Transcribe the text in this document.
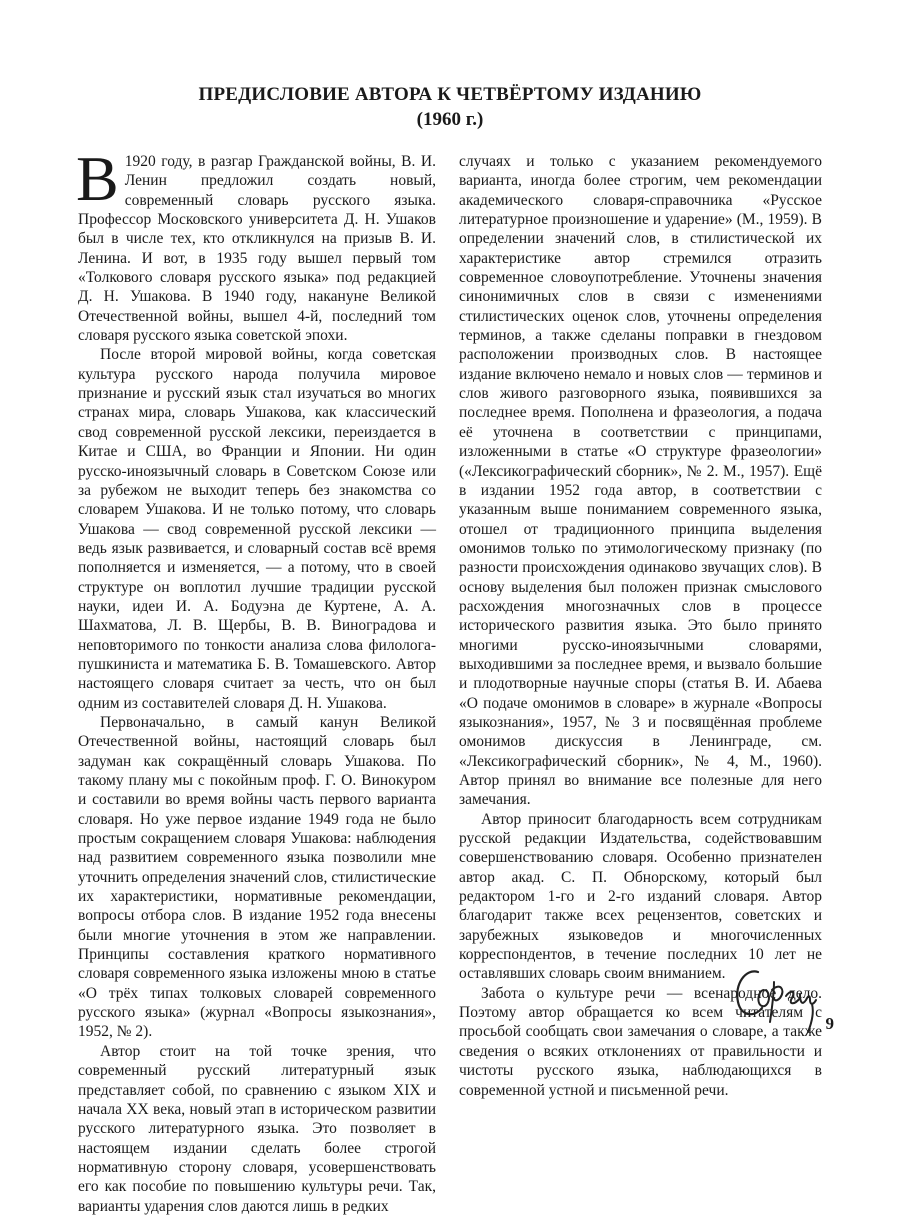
ПРЕДИСЛОВИЕ АВТОРА К ЧЕТВЁРТОМУ ИЗДАНИЮ
(1960 г.)

В 1920 году, в разгар Гражданской войны, В. И. Ленин предложил создать новый, современный словарь русского языка. Профессор Московского университета Д. Н. Ушаков был в числе тех, кто откликнулся на призыв В. И. Ленина. И вот, в 1935 году вышел первый том «Толкового словаря русского языка» под редакцией Д. Н. Ушакова. В 1940 году, накануне Великой Отечественной войны, вышел 4-й, последний том словаря русского языка советской эпохи.

После второй мировой войны, когда советская культура русского народа получила мировое признание и русский язык стал изучаться во многих странах мира, словарь Ушакова, как классический свод современной русской лексики, переиздается в Китае и США, во Франции и Японии. Ни один русско-иноязычный словарь в Советском Союзе или за рубежом не выходит теперь без знакомства со словарем Ушакова. И не только потому, что словарь Ушакова — свод современной русской лексики — ведь язык развивается, и словарный состав всё время пополняется и изменяется, — а потому, что в своей структуре он воплотил лучшие традиции русской науки, идеи И. А. Бодуэна де Куртене, А. А. Шахматова, Л. В. Щербы, В. В. Виноградова и неповторимого по тонкости анализа слова филолога-пушкиниста и математика Б. В. Томашевского. Автор настоящего словаря считает за честь, что он был одним из составителей словаря Д. Н. Ушакова.

Первоначально, в самый канун Великой Отечественной войны, настоящий словарь был задуман как сокращённый словарь Ушакова. По такому плану мы с покойным проф. Г. О. Винокуром и составили во время войны часть первого варианта словаря. Но уже первое издание 1949 года не было простым сокращением словаря Ушакова: наблюдения над развитием современного языка позволили мне уточнить определения значений слов, стилистические их характеристики, нормативные рекомендации, вопросы отбора слов. В издание 1952 года внесены были многие уточнения в этом же направлении. Принципы составления краткого нормативного словаря современного языка изложены мною в статье «О трёх типах толковых словарей современного русского языка» (журнал «Вопросы языкознания», 1952, № 2).

Автор стоит на той точке зрения, что современный русский литературный язык представляет собой, по сравнению с языком XIX и начала XX века, новый этап в историческом развитии русского литературного языка. Это позволяет в настоящем издании сделать более строгой нормативную сторону словаря, усовершенствовать его как пособие по повышению культуры речи. Так, варианты ударения слов даются лишь в редких

случаях и только с указанием рекомендуемого варианта, иногда более строгим, чем рекомендации академического словаря-справочника «Русское литературное произношение и ударение» (М., 1959). В определении значений слов, в стилистической их характеристике автор стремился отразить современное словоупотребление. Уточнены значения синонимичных слов в связи с изменениями стилистических оценок слов, уточнены определения терминов, а также сделаны поправки в гнездовом расположении производных слов. В настоящее издание включено немало и новых слов — терминов и слов живого разговорного языка, появившихся за последнее время. Пополнена и фразеология, а подача её уточнена в соответствии с принципами, изложенными в статье «О структуре фразеологии» («Лексикографический сборник», № 2. М., 1957). Ещё в издании 1952 года автор, в соответствии с указанным выше пониманием современного языка, отошел от традиционного принципа выделения омонимов только по этимологическому признаку (по разности происхождения одинаково звучащих слов). В основу выделения был положен признак смыслового расхождения многозначных слов в процессе исторического развития языка. Это было принято многими русско-иноязычными словарями, выходившими за последнее время, и вызвало большие и плодотворные научные споры (статья В. И. Абаева «О подаче омонимов в словаре» в журнале «Вопросы языкознания», 1957, № 3 и посвящённая проблеме омонимов дискуссия в Ленинграде, см. «Лексикографический сборник», № 4, М., 1960). Автор принял во внимание все полезные для него замечания.

Автор приносит благодарность всем сотрудникам русской редакции Издательства, содействовавшим совершенствованию словаря. Особенно признателен автор акад. С. П. Обнорскому, который был редактором 1-го и 2-го изданий словаря. Автор благодарит также всех рецензентов, советских и зарубежных языковедов и многочисленных корреспондентов, в течение последних 10 лет не оставлявших словарь своим вниманием.

Забота о культуре речи — всенародное дело. Поэтому автор обращается ко всем читателям с просьбой сообщать свои замечания о словаре, а также сведения о всяких отклонениях от правильности и чистоты русского языка, наблюдающихся в современной устной и письменной речи.

9
